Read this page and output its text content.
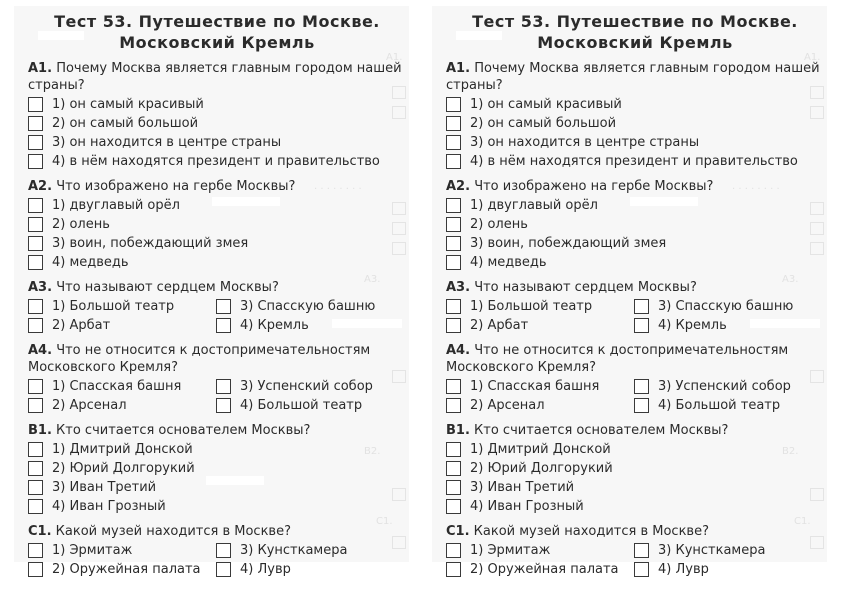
А1.
· · · · · · · ·
А3.
В2.
С1.
Тест 53. Путешествие по Москве.
Московский Кремль
А1. Почему Москва является главным городом нашей страны?
1) он самый красивый
2) он самый большой
3) он находится в центре страны
4) в нём находятся президент и правительство
А2. Что изображено на гербе Москвы?
1) двуглавый орёл
2) олень
3) воин, побеждающий змея
4) медведь
А3. Что называют сердцем Москвы?
1) Большой театр	3) Спасскую башню
2) Арбат	4) Кремль
А4. Что не относится к достопримечательностям Московского Кремля?
1) Спасская башня	3) Успенский собор
2) Арсенал	4) Большой театр
В1. Кто считается основателем Москвы?
1) Дмитрий Донской
2) Юрий Долгорукий
3) Иван Третий
4) Иван Грозный
С1. Какой музей находится в Москве?
1) Эрмитаж	3) Кунсткамера
2) Оружейная палата	4) Лувр
А1.
· · · · · · · ·
А3.
В2.
С1.
Тест 53. Путешествие по Москве.
Московский Кремль
А1. Почему Москва является главным городом нашей страны?
1) он самый красивый
2) он самый большой
3) он находится в центре страны
4) в нём находятся президент и правительство
А2. Что изображено на гербе Москвы?
1) двуглавый орёл
2) олень
3) воин, побеждающий змея
4) медведь
А3. Что называют сердцем Москвы?
1) Большой театр	3) Спасскую башню
2) Арбат	4) Кремль
А4. Что не относится к достопримечательностям Московского Кремля?
1) Спасская башня	3) Успенский собор
2) Арсенал	4) Большой театр
В1. Кто считается основателем Москвы?
1) Дмитрий Донской
2) Юрий Долгорукий
3) Иван Третий
4) Иван Грозный
С1. Какой музей находится в Москве?
1) Эрмитаж	3) Кунсткамера
2) Оружейная палата	4) Лувр
